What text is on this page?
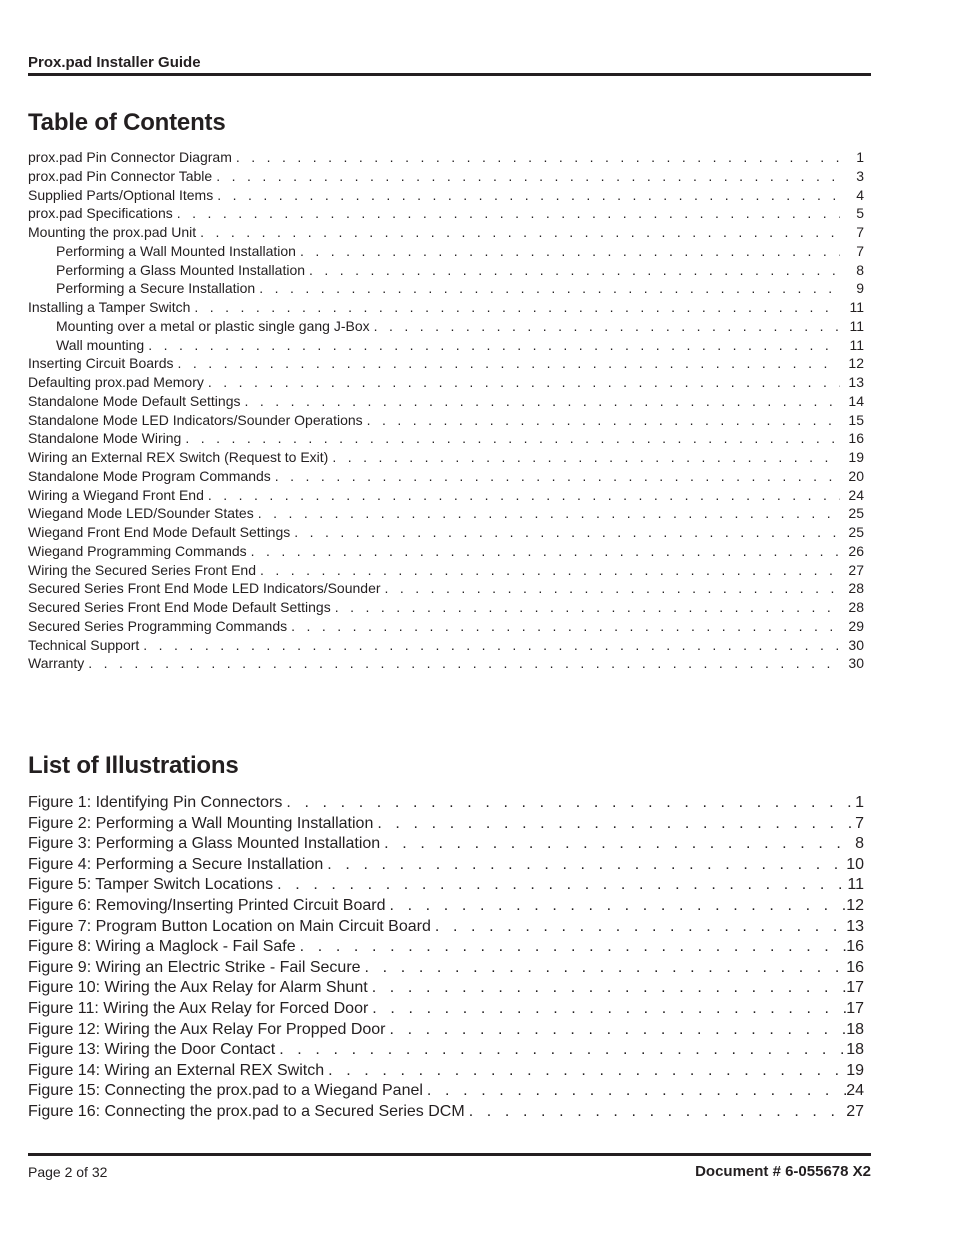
Prox.pad Installer Guide
Table of Contents
prox.pad Pin Connector Diagram . . .	1
prox.pad Pin Connector Table . . .	3
Supplied Parts/Optional Items . . .	4
prox.pad Specifications . . .	5
Mounting the prox.pad Unit . . .	7
Performing a Wall Mounted Installation . . .	7
Performing a Glass Mounted Installation . . .	8
Performing a Secure Installation . . .	9
Installing a Tamper Switch . . .	11
Mounting over a metal or plastic single gang J-Box . . .	11
Wall mounting . . .	11
Inserting Circuit Boards . . .	12
Defaulting prox.pad Memory . . .	13
Standalone Mode Default Settings . . .	14
Standalone Mode LED Indicators/Sounder Operations . . .	15
Standalone Mode Wiring . . .	16
Wiring an External REX Switch (Request to Exit) . . .	19
Standalone Mode Program Commands . . .	20
Wiring a Wiegand Front End . . .	24
Wiegand Mode LED/Sounder States . . .	25
Wiegand Front End Mode Default Settings . . .	25
Wiegand Programming Commands . . .	26
Wiring the Secured Series Front End . . .	27
Secured Series Front End Mode LED Indicators/Sounder . . .	28
Secured Series Front End Mode Default Settings . . .	28
Secured Series Programming Commands . . .	29
Technical Support . . .	30
Warranty . . .	30
List of Illustrations
Figure 1: Identifying Pin Connectors . . .	1
Figure 2: Performing a Wall Mounting Installation . . .	7
Figure 3: Performing a Glass Mounted Installation . . .	8
Figure 4: Performing a Secure Installation . . .	10
Figure 5: Tamper Switch Locations . . .	11
Figure 6: Removing/Inserting Printed Circuit Board . . .	12
Figure 7: Program Button Location on Main Circuit Board . . .	13
Figure 8: Wiring a Maglock - Fail Safe . . .	16
Figure 9: Wiring an Electric Strike - Fail Secure . . .	16
Figure 10: Wiring the Aux Relay for Alarm Shunt . . .	17
Figure 11: Wiring the Aux Relay for Forced Door . . .	17
Figure 12: Wiring the Aux Relay For Propped Door . . .	18
Figure 13: Wiring the Door Contact . . .	18
Figure 14: Wiring an External REX Switch . . .	19
Figure 15: Connecting the prox.pad to a Wiegand Panel . . .	24
Figure 16: Connecting the prox.pad to a Secured Series DCM . . .	27
Page 2 of 32	Document # 6-055678 X2
